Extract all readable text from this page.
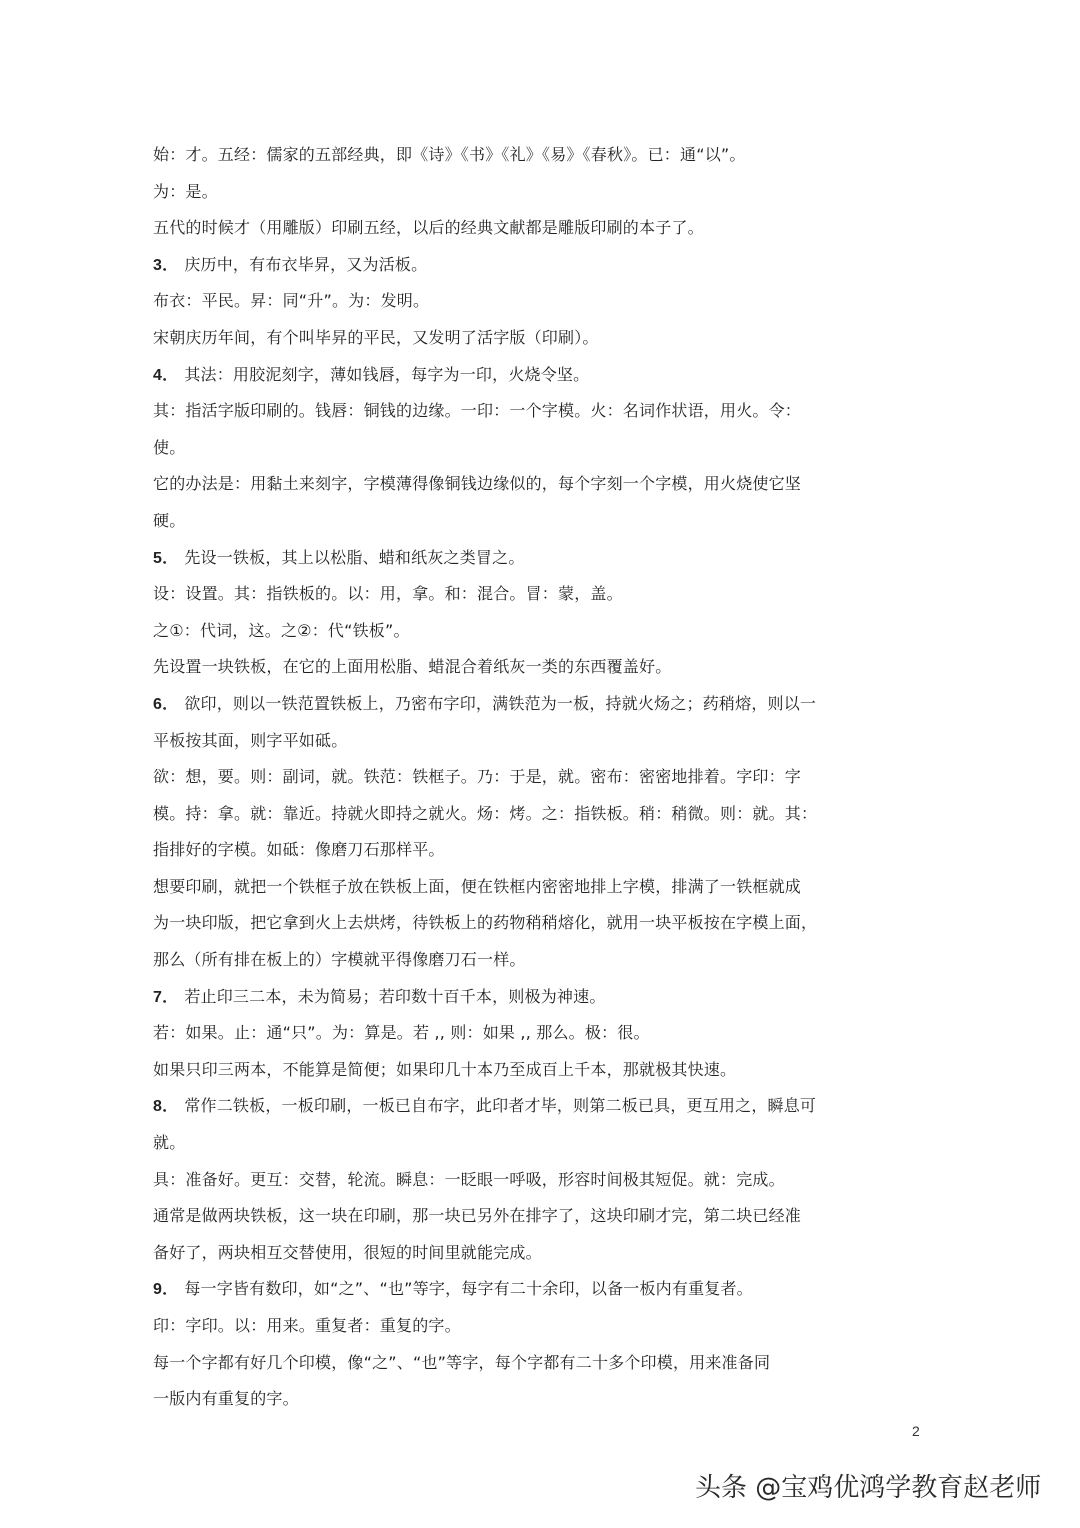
始：才。五经：儒家的五部经典，即《诗》《书》《礼》《易》《春秋》。已：通“以”。
为：是。
五代的时候才（用雕版）印刷五经，以后的经典文献都是雕版印刷的本子了。
3． 庆历中，有布衣毕昇，又为活板。
布衣：平民。昇：同“升”。为：发明。
宋朝庆历年间，有个叫毕昇的平民，又发明了活字版（印刷）。
4． 其法：用胶泥刻字，薄如钱唇，每字为一印，火烧令坚。
其：指活字版印刷的。钱唇：铜钱的边缘。一印：一个字模。火：名词作状语，用火。令：
使。
它的办法是：用黏土来刻字，字模薄得像铜钱边缘似的，每个字刻一个字模，用火烧使它坚
硬。
5． 先设一铁板，其上以松脂、蜡和纸灰之类冒之。
设：设置。其：指铁板的。以：用，拿。和：混合。冒：蒙，盖。
之①：代词，这。之②：代“铁板”。
先设置一块铁板，在它的上面用松脂、蜡混合着纸灰一类的东西覆盖好。
6． 欲印，则以一铁范置铁板上，乃密布字印，满铁范为一板，持就火炀之；药稍熔，则以一
平板按其面，则字平如砥。
欲：想，要。则：副词，就。铁范：铁框子。乃：于是，就。密布：密密地排着。字印：字
模。持：拿。就：靠近。持就火即持之就火。炀：烤。之：指铁板。稍：稍微。则：就。其：
指排好的字模。如砥：像磨刀石那样平。
想要印刷，就把一个铁框子放在铁板上面，便在铁框内密密地排上字模，排满了一铁框就成
为一块印版，把它拿到火上去烘烤，待铁板上的药物稍稍熔化，就用一块平板按在字模上面，
那么（所有排在板上的）字模就平得像磨刀石一样。
7． 若止印三二本，未为简易；若印数十百千本，则极为神速。
若：如果。止：通“只”。为：算是。若 ,, 则：如果 ,, 那么。极：很。
如果只印三两本，不能算是简便；如果印几十本乃至成百上千本，那就极其快速。
8． 常作二铁板，一板印刷，一板已自布字，此印者才毕，则第二板已具，更互用之，瞬息可
就。
具：准备好。更互：交替，轮流。瞬息：一眨眼一呼吸，形容时间极其短促。就：完成。
通常是做两块铁板，这一块在印刷，那一块已另外在排字了，这块印刷才完，第二块已经准
备好了，两块相互交替使用，很短的时间里就能完成。
9． 每一字皆有数印，如“之”、“也”等字，每字有二十余印，以备一板内有重复者。
印：字印。以：用来。重复者：重复的字。
每一个字都有好几个印模，像“之”、“也”等字，每个字都有二十多个印模，用来准备同
一版内有重复的字。
2
头条 @宝鸡优鸿学教育赵老师
